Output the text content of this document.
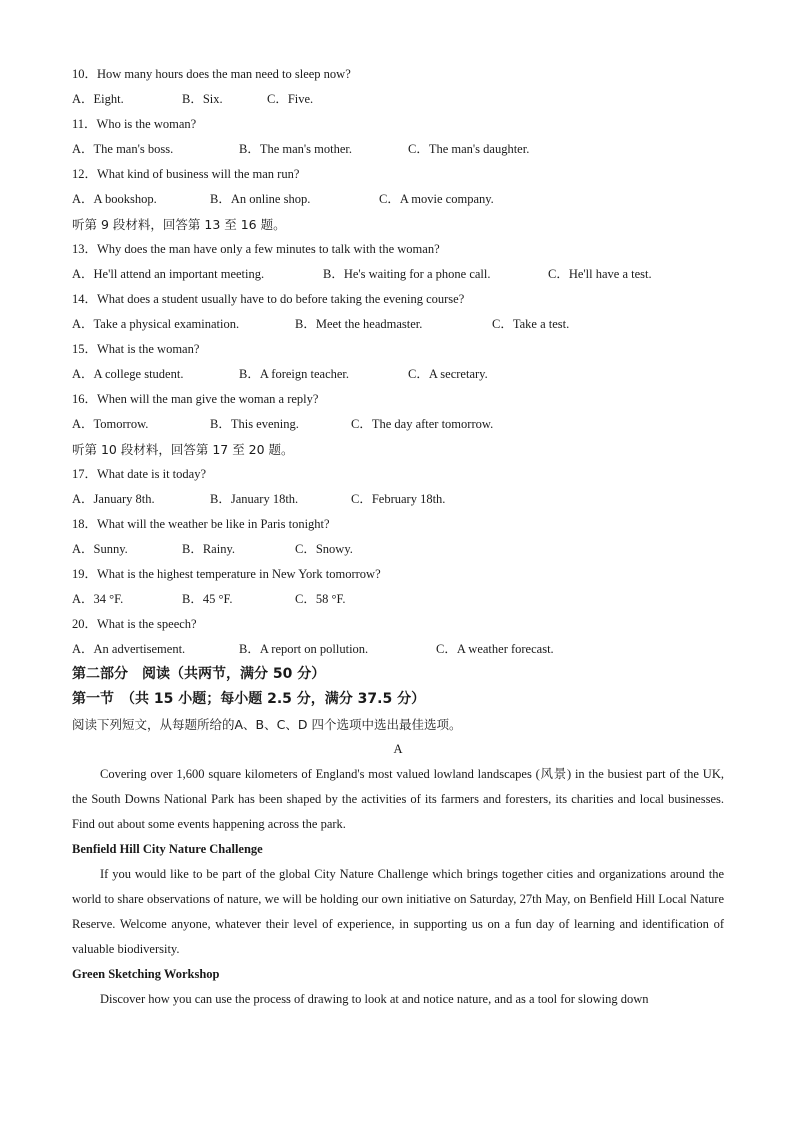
10．How many hours does the man need to sleep now?
A．Eight.	B．Six.	C．Five.
11．Who is the woman?
A．The man's boss.	B．The man's mother.	C．The man's daughter.
12．What kind of business will the man run?
A．A bookshop.	B．An online shop.	C．A movie company.
听第 9 段材料，回答第 13 至 16 题。
13．Why does the man have only a few minutes to talk with the woman?
A．He'll attend an important meeting.	B．He's waiting for a phone call.	C．He'll have a test.
14．What does a student usually have to do before taking the evening course?
A．Take a physical examination.	B．Meet the headmaster.	C．Take a test.
15．What is the woman?
A．A college student.	B．A foreign teacher.	C．A secretary.
16．When will the man give the woman a reply?
A．Tomorrow.	B．This evening.	C．The day after tomorrow.
听第 10 段材料，回答第 17 至 20 题。
17．What date is it today?
A．January 8th.	B．January 18th.	C．February 18th.
18．What will the weather be like in Paris tonight?
A．Sunny.	B．Rainy.	C．Snowy.
19．What is the highest temperature in New York tomorrow?
A．34 °F.	B．45 °F.	C．58 °F.
20．What is the speech?
A．An advertisement.	B．A report on pollution.	C．A weather forecast.
第二部分　阅读（共两节，满分 50 分）
第一节　（共 15 小题；每小题 2.5 分，满分 37.5 分）
阅读下列短文，从每题所给的A、B、C、D 四个选项中选出最佳选项。
A
Covering over 1,600 square kilometers of England's most valued lowland landscapes (风景) in the busiest part of the UK, the South Downs National Park has been shaped by the activities of its farmers and foresters, its charities and local businesses. Find out about some events happening across the park.
Benfield Hill City Nature Challenge
If you would like to be part of the global City Nature Challenge which brings together cities and organizations around the world to share observations of nature, we will be holding our own initiative on Saturday, 27th May, on Benfield Hill Local Nature Reserve. Welcome anyone, whatever their level of experience, in supporting us on a fun day of learning and identification of valuable biodiversity.
Green Sketching Workshop
Discover how you can use the process of drawing to look at and notice nature, and as a tool for slowing down
